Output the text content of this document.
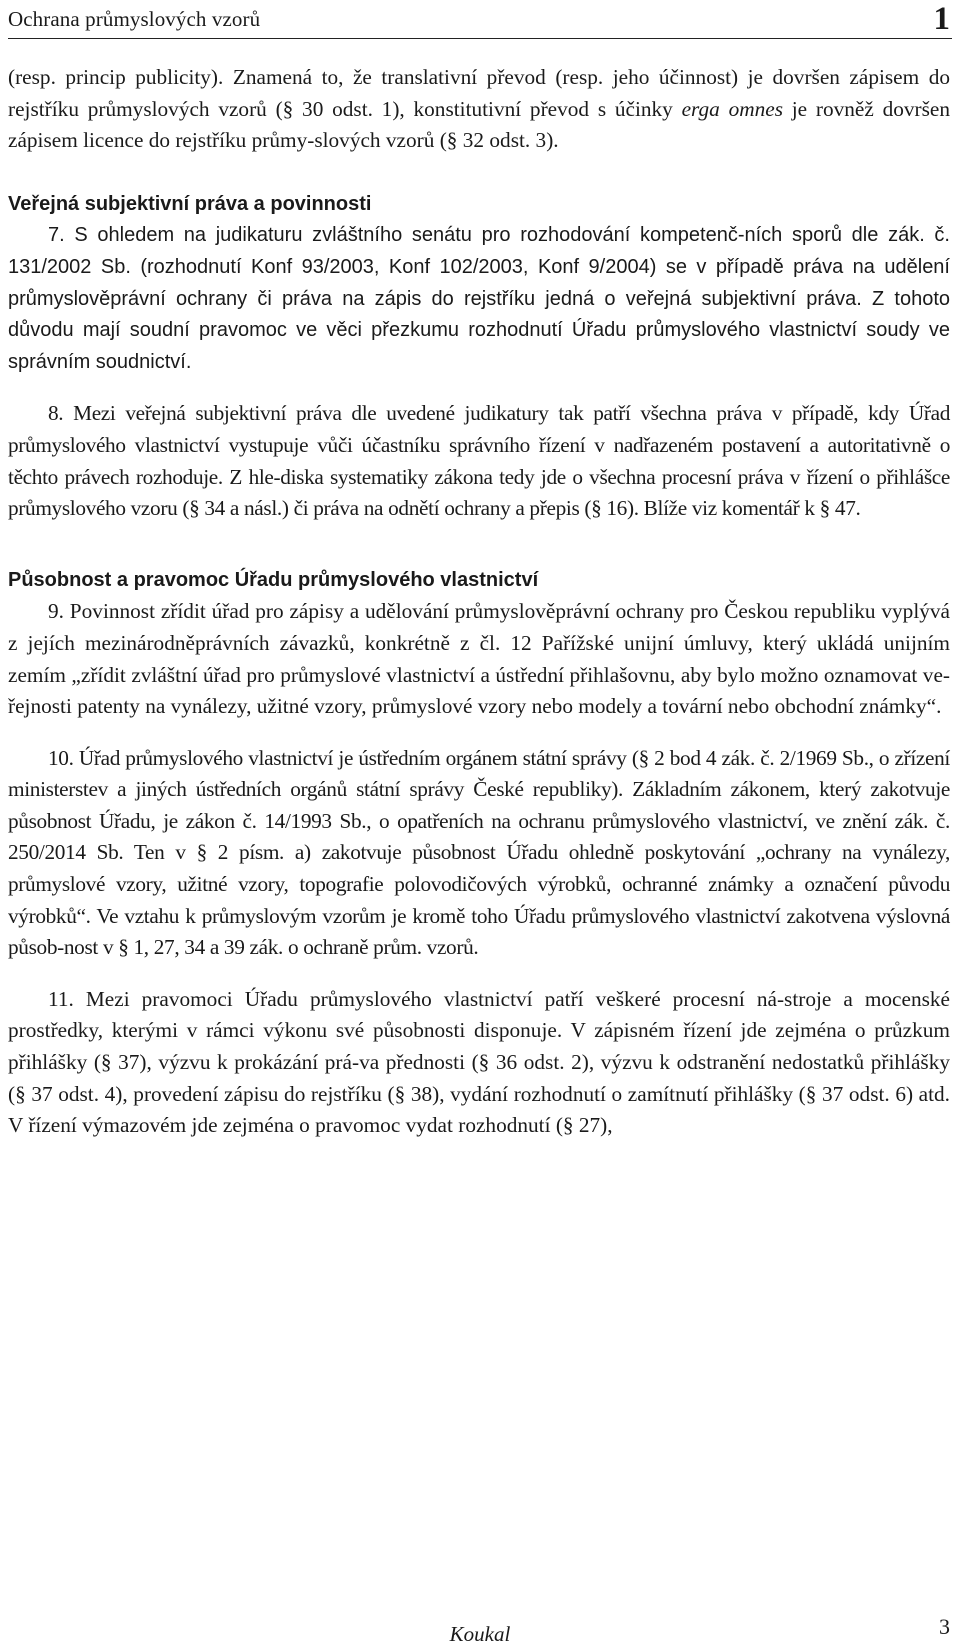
Ochrana průmyslových vzorů	1

(resp. princip publicity). Znamená to, že translativní převod (resp. jeho účinnost) je dovršen zápisem do rejstříku průmyslových vzorů (§ 30 odst. 1), konstitutivní převod s účinky erga omnes je rovněž dovršen zápisem licence do rejstříku průmy-slových vzorů (§ 32 odst. 3).

Veřejná subjektivní práva a povinnosti

7. S ohledem na judikaturu zvláštního senátu pro rozhodování kompetenč-ních sporů dle zák. č. 131/2002 Sb. (rozhodnutí Konf 93/2003, Konf 102/2003, Konf 9/2004) se v případě práva na udělení průmyslověprávní ochrany či práva na zápis do rejstříku jedná o veřejná subjektivní práva. Z tohoto důvodu mají soudní pravomoc ve věci přezkumu rozhodnutí Úřadu průmyslového vlastnictví soudy ve správním soudnictví.

8. Mezi veřejná subjektivní práva dle uvedené judikatury tak patří všechna práva v případě, kdy Úřad průmyslového vlastnictví vystupuje vůči účastníku správního řízení v nadřazeném postavení a autoritativně o těchto právech rozhoduje. Z hle-diska systematiky zákona tedy jde o všechna procesní práva v řízení o přihlášce průmyslového vzoru (§ 34 a násl.) či práva na odnětí ochrany a přepis (§ 16). Blíže viz komentář k § 47.

Působnost a pravomoc Úřadu průmyslového vlastnictví

9. Povinnost zřídit úřad pro zápisy a udělování průmyslověprávní ochrany pro Českou republiku vyplývá z jejích mezinárodněprávních závazků, konkrétně z čl. 12 Pařížské unijní úmluvy, který ukládá unijním zemím „zřídit zvláštní úřad pro průmyslové vlastnictví a ústřední přihlašovnu, aby bylo možno oznamovat ve-řejnosti patenty na vynálezy, užitné vzory, průmyslové vzory nebo modely a tovární nebo obchodní známky“.

10. Úřad průmyslového vlastnictví je ústředním orgánem státní správy (§ 2 bod 4 zák. č. 2/1969 Sb., o zřízení ministerstev a jiných ústředních orgánů státní správy České republiky). Základním zákonem, který zakotvuje působnost Úřadu, je zákon č. 14/1993 Sb., o opatřeních na ochranu průmyslového vlastnictví, ve znění zák. č. 250/2014 Sb. Ten v § 2 písm. a) zakotvuje působnost Úřadu ohledně poskytování „ochrany na vynálezy, průmyslové vzory, užitné vzory, topografie polovodičových výrobků, ochranné známky a označení původu výrobků“. Ve vztahu k průmyslovým vzorům je kromě toho Úřadu průmyslového vlastnictví zakotvena výslovná působ-nost v § 1, 27, 34 a 39 zák. o ochraně prům. vzorů.

11. Mezi pravomoci Úřadu průmyslového vlastnictví patří veškeré procesní ná-stroje a mocenské prostředky, kterými v rámci výkonu své působnosti disponuje. V zápisném řízení jde zejména o průzkum přihlášky (§ 37), výzvu k prokázání prá-va přednosti (§ 36 odst. 2), výzvu k odstranění nedostatků přihlášky (§ 37 odst. 4), provedení zápisu do rejstříku (§ 38), vydání rozhodnutí o zamítnutí přihlášky (§ 37 odst. 6) atd. V řízení výmazovém jde zejména o pravomoc vydat rozhodnutí (§ 27),

Koukal	3
